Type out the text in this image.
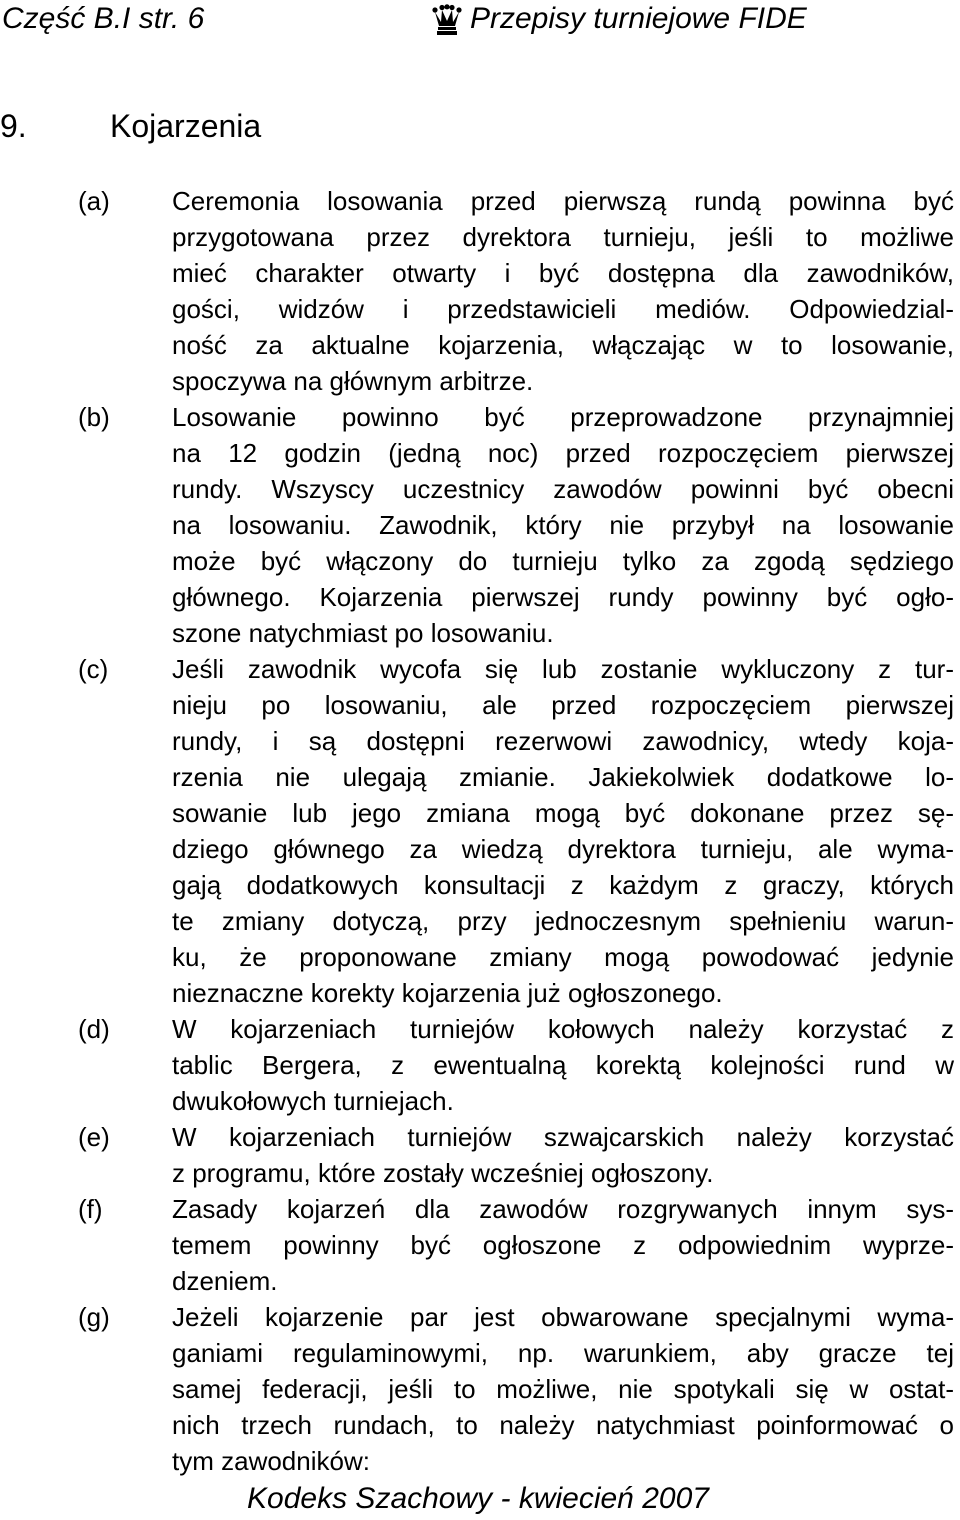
Część B.I str. 6	Przepisy turniejowe FIDE
9.	Kojarzenia
(a)	Ceremonia losowania przed pierwszą rundą powinna być
przygotowana przez dyrektora turnieju, jeśli to możliwe
mieć charakter otwarty i być dostępna dla zawodników,
gości, widzów i przedstawicieli mediów. Odpowiedzial-
ność za aktualne kojarzenia, włączając w to losowanie,
spoczywa na głównym arbitrze.
(b)	Losowanie powinno być przeprowadzone przynajmniej
na 12 godzin (jedną noc) przed rozpoczęciem pierwszej
rundy. Wszyscy uczestnicy zawodów powinni być obecni
na losowaniu. Zawodnik, który nie przybył na losowanie
może być włączony do turnieju tylko za zgodą sędziego
głównego. Kojarzenia pierwszej rundy powinny być ogło-
szone natychmiast po losowaniu.
(c)	Jeśli zawodnik wycofa się lub zostanie wykluczony z tur-
nieju po losowaniu, ale przed rozpoczęciem pierwszej
rundy, i są dostępni rezerwowi zawodnicy, wtedy koja-
rzenia nie ulegają zmianie. Jakiekolwiek dodatkowe lo-
sowanie lub jego zmiana mogą być dokonane przez sę-
dziego głównego za wiedzą dyrektora turnieju, ale wyma-
gają dodatkowych konsultacji z każdym z graczy, których
te zmiany dotyczą, przy jednoczesnym spełnieniu warun-
ku, że proponowane zmiany mogą powodować jedynie
nieznaczne korekty kojarzenia już ogłoszonego.
(d)	W kojarzeniach turniejów kołowych należy korzystać z
tablic Bergera, z ewentualną korektą kolejności rund w
dwukołowych turniejach.
(e)	W kojarzeniach turniejów szwajcarskich należy korzystać
z programu, które zostały wcześniej ogłoszony.
(f)	Zasady kojarzeń dla zawodów rozgrywanych innym sys-
temem powinny być ogłoszone z odpowiednim wyprze-
dzeniem.
(g)	Jeżeli kojarzenie par jest obwarowane specjalnymi wyma-
ganiami regulaminowymi, np. warunkiem, aby gracze tej
samej federacji, jeśli to możliwe, nie spotykali się w ostat-
nich trzech rundach, to należy natychmiast poinformować o
tym zawodników:
Kodeks Szachowy - kwiecień 2007
